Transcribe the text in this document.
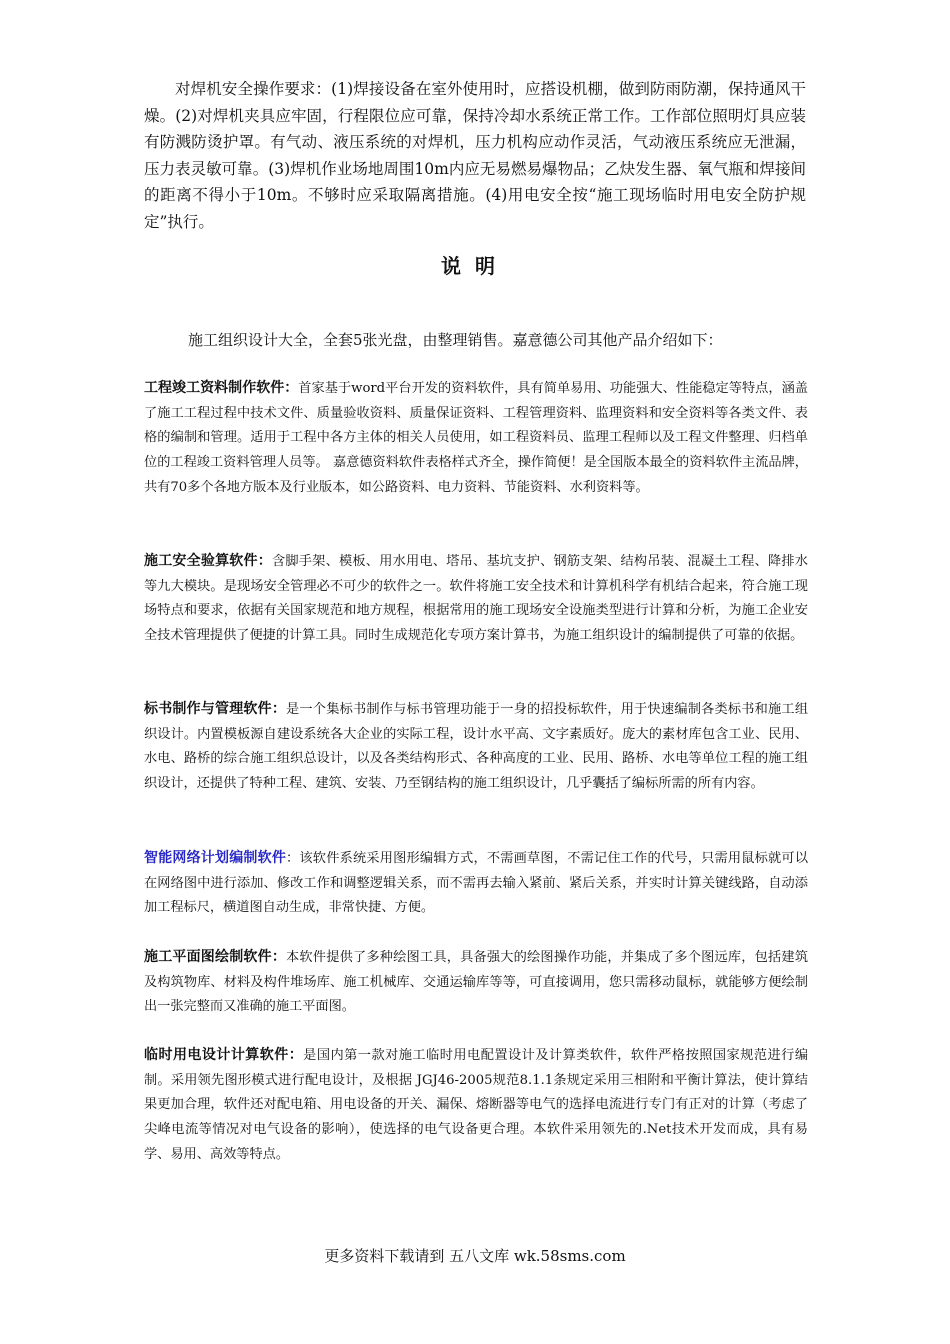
对焊机安全操作要求：(1)焊接设备在室外使用时，应搭设机棚，做到防雨防潮，保持通风干燥。(2)对焊机夹具应牢固，行程限位应可靠，保持冷却水系统正常工作。工作部位照明灯具应装有防溅防烫护罩。有气动、液压系统的对焊机，压力机构应动作灵活，气动液压系统应无泄漏，压力表灵敏可靠。(3)焊机作业场地周围10m内应无易燃易爆物品；乙炔发生器、氧气瓶和焊接间的距离不得小于10m。不够时应采取隔离措施。(4)用电安全按“施工现场临时用电安全防护规定”执行。

说明

施工组织设计大全，全套5张光盘，由整理销售。嘉意德公司其他产品介绍如下：

工程竣工资料制作软件：首家基于word平台开发的资料软件，具有简单易用、功能强大、性能稳定等特点，涵盖了施工工程过程中技术文件、质量验收资料、质量保证资料、工程管理资料、监理资料和安全资料等各类文件、表格的编制和管理。适用于工程中各方主体的相关人员使用，如工程资料员、监理工程师以及工程文件整理、归档单位的工程竣工资料管理人员等。 嘉意德资料软件表格样式齐全，操作简便！是全国版本最全的资料软件主流品牌，共有70多个各地方版本及行业版本，如公路资料、电力资料、节能资料、水利资料等。

施工安全验算软件：含脚手架、模板、用水用电、塔吊、基坑支护、钢筋支架、结构吊装、混凝土工程、降排水等九大模块。是现场安全管理必不可少的软件之一。软件将施工安全技术和计算机科学有机结合起来，符合施工现场特点和要求，依据有关国家规范和地方规程，根据常用的施工现场安全设施类型进行计算和分析，为施工企业安全技术管理提供了便捷的计算工具。同时生成规范化专项方案计算书，为施工组织设计的编制提供了可靠的依据。

标书制作与管理软件：是一个集标书制作与标书管理功能于一身的招投标软件，用于快速编制各类标书和施工组织设计。内置模板源自建设系统各大企业的实际工程，设计水平高、文字素质好。庞大的素材库包含工业、民用、水电、路桥的综合施工组织总设计，以及各类结构形式、各种高度的工业、民用、路桥、水电等单位工程的施工组织设计，还提供了特种工程、建筑、安装、乃至钢结构的施工组织设计，几乎囊括了编标所需的所有内容。

智能网络计划编制软件：该软件系统采用图形编辑方式，不需画草图，不需记住工作的代号，只需用鼠标就可以在网络图中进行添加、修改工作和调整逻辑关系，而不需再去输入紧前、紧后关系，并实时计算关键线路，自动添加工程标尺，横道图自动生成，非常快捷、方便。

施工平面图绘制软件：本软件提供了多种绘图工具，具备强大的绘图操作功能，并集成了多个图远库，包括建筑及构筑物库、材料及构件堆场库、施工机械库、交通运输库等等，可直接调用，您只需移动鼠标，就能够方便绘制出一张完整而又准确的施工平面图。

临时用电设计计算软件：是国内第一款对施工临时用电配置设计及计算类软件，软件严格按照国家规范进行编制。采用领先图形模式进行配电设计，及根据 JGJ46-2005规范8.1.1条规定采用三相附和平衡计算法，使计算结果更加合理，软件还对配电箱、用电设备的开关、漏保、熔断器等电气的选择电流进行专门有正对的计算（考虑了尖峰电流等情况对电气设备的影响），使选择的电气设备更合理。本软件采用领先的.Net技术开发而成，具有易学、易用、高效等特点。

更多资料下载请到 五八文库 wk.58sms.com
